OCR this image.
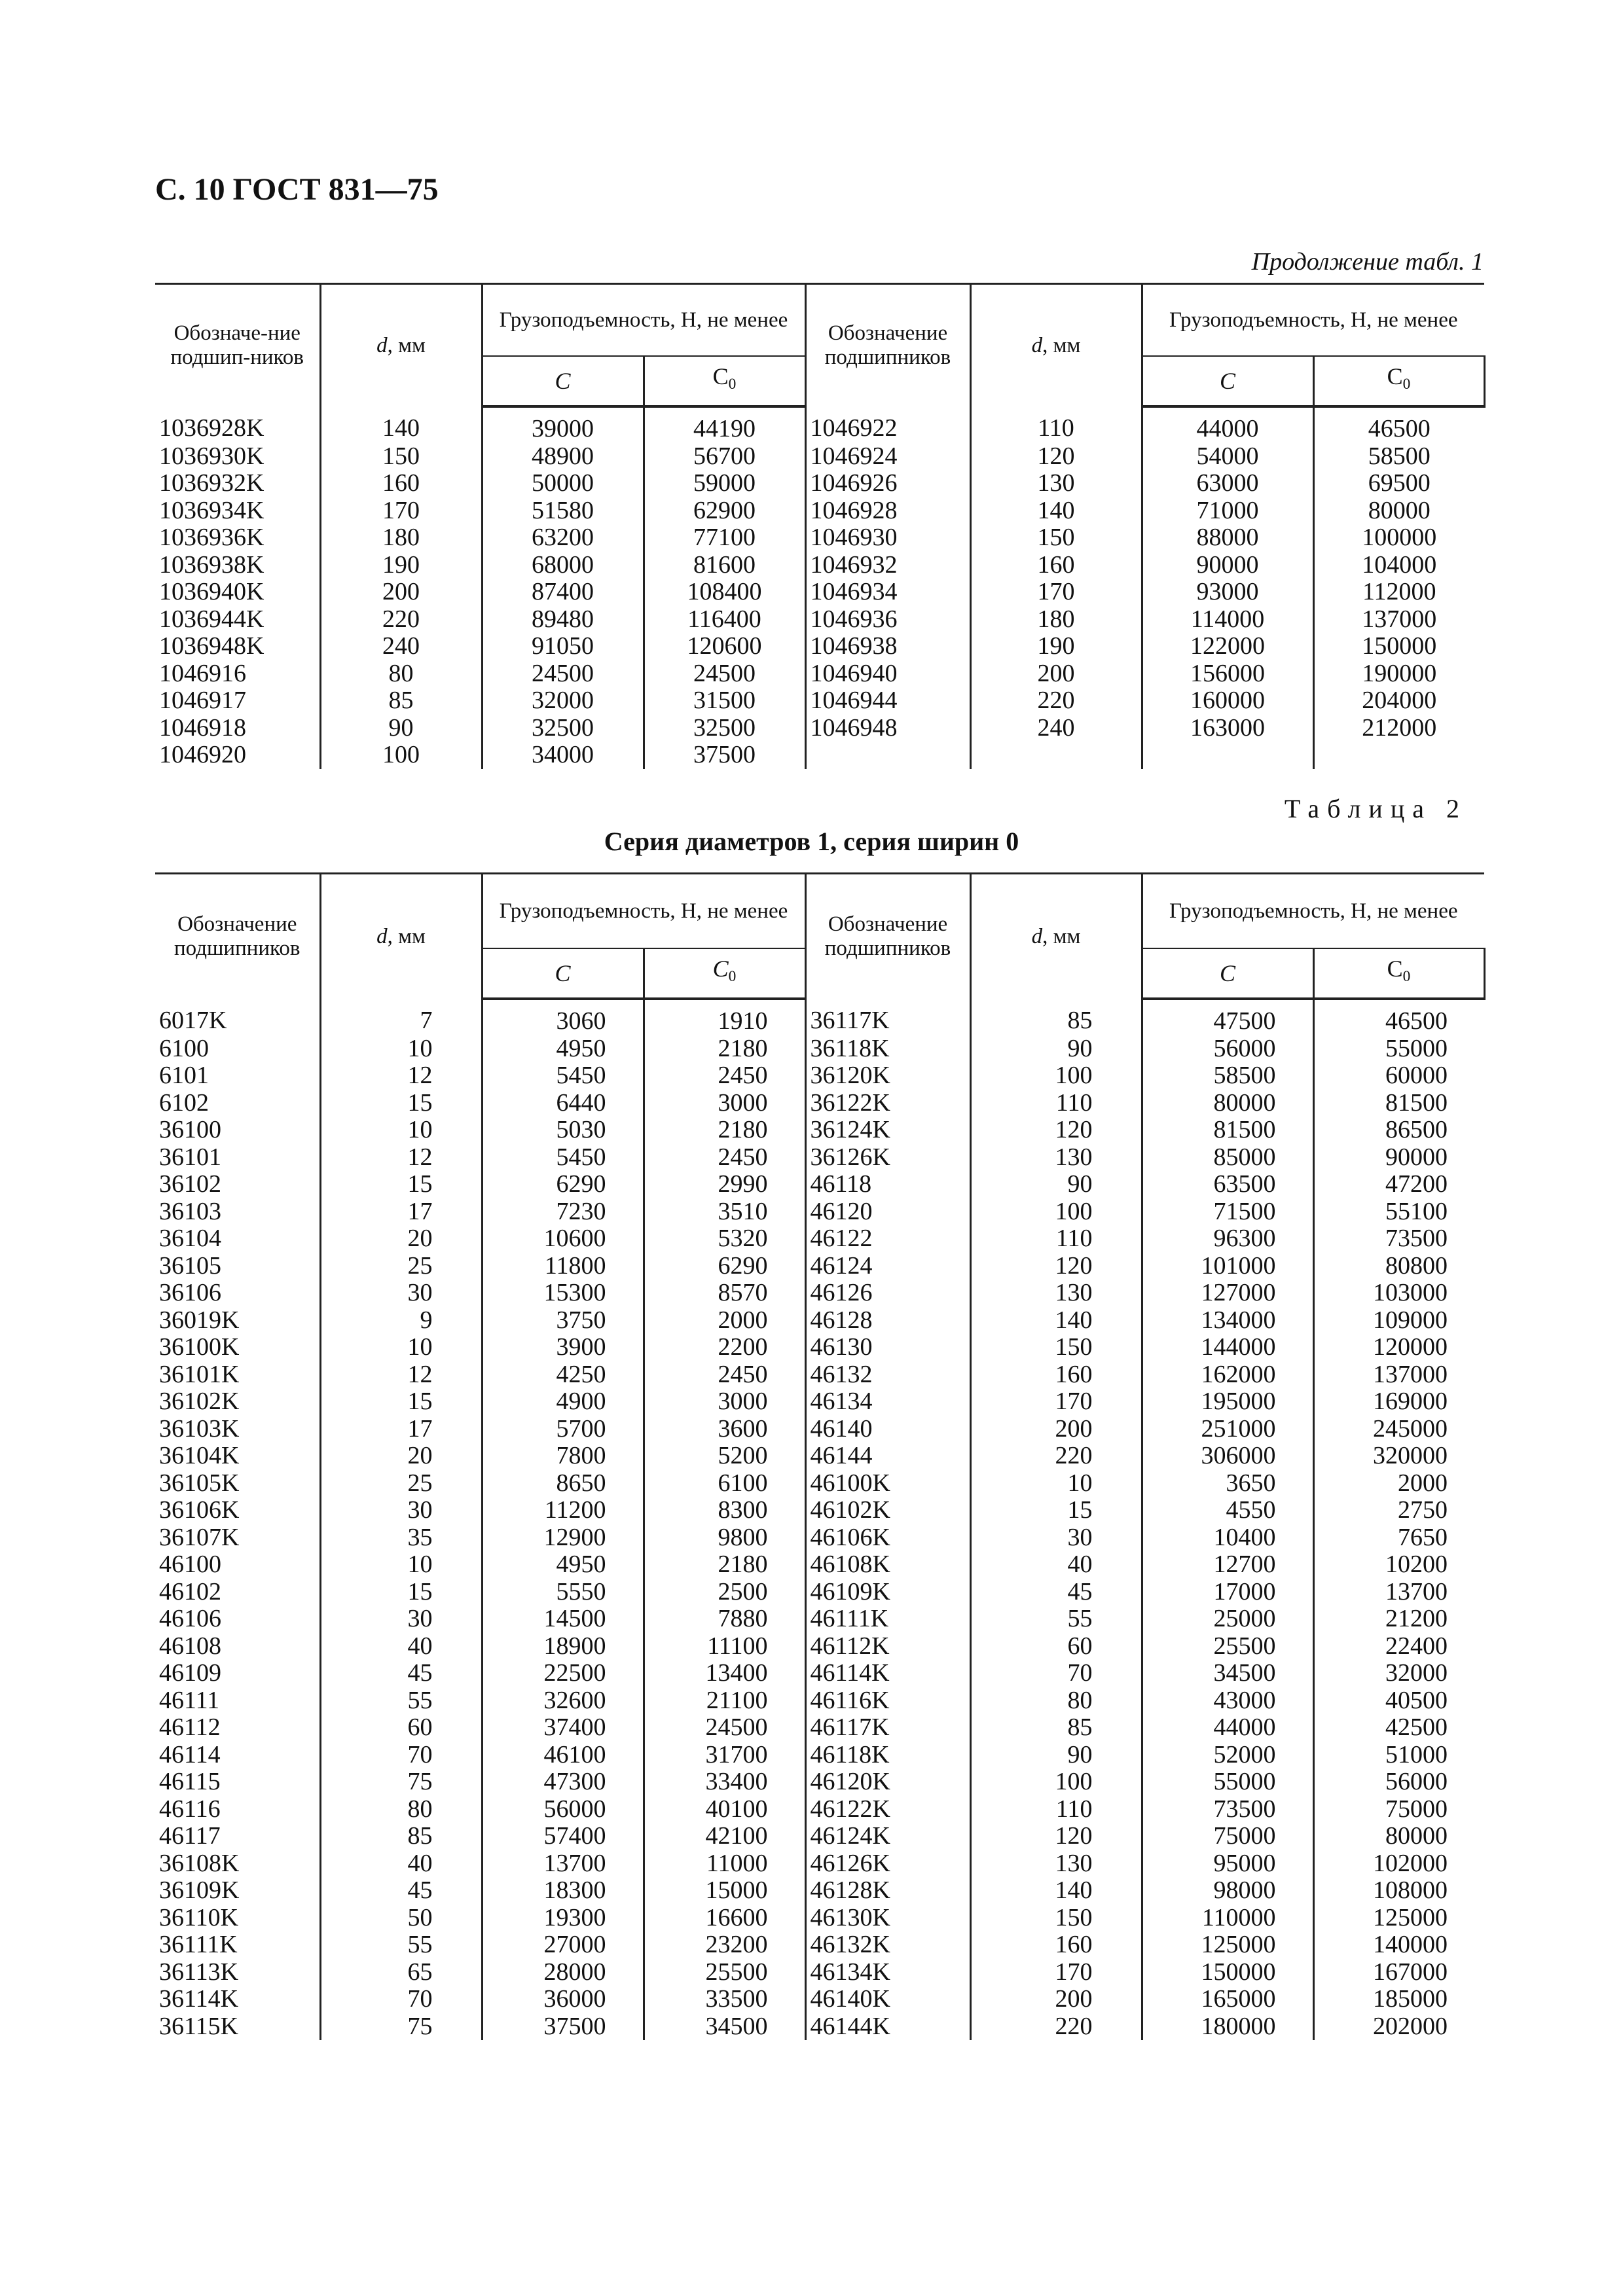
С. 10 ГОСТ 831—75
Продолжение табл. 1
Обозначе-ние подшип-ников	d, мм	Грузоподъемность, Н, не менее		Обозначение подшипников	d, мм	Грузоподъемность, Н, не менее	
		C	$C_0$			C	$C_0$
1036928K	140	39000	44190	1046922	110	44000	46500
1036930K	150	48900	56700	1046924	120	54000	58500
1036932K	160	50000	59000	1046926	130	63000	69500
1036934K	170	51580	62900	1046928	140	71000	80000
1036936K	180	63200	77100	1046930	150	88000	100000
1036938K	190	68000	81600	1046932	160	90000	104000
1036940K	200	87400	108400	1046934	170	93000	112000
1036944K	220	89480	116400	1046936	180	114000	137000
1036948K	240	91050	120600	1046938	190	122000	150000
1046916	80	24500	24500	1046940	200	156000	190000
1046917	85	32000	31500	1046944	220	160000	204000
1046918	90	32500	32500	1046948	240	163000	212000
1046920	100	34000	37500				
Таблица 2
Серия диаметров 1, серия ширин 0
Обозначение подшипников	d, мм	Грузоподъемность, Н, не менее		Обозначение подшипников	d, мм	Грузоподъемность, Н, не менее	
		C	$C_0$			C	$C_0$
6017K	7	3060	1910	36117K	85	47500	46500
6100	10	4950	2180	36118K	90	56000	55000
6101	12	5450	2450	36120K	100	58500	60000
6102	15	6440	3000	36122K	110	80000	81500
36100	10	5030	2180	36124K	120	81500	86500
36101	12	5450	2450	36126K	130	85000	90000
36102	15	6290	2990	46118	90	63500	47200
36103	17	7230	3510	46120	100	71500	55100
36104	20	10600	5320	46122	110	96300	73500
36105	25	11800	6290	46124	120	101000	80800
36106	30	15300	8570	46126	130	127000	103000
36019K	9	3750	2000	46128	140	134000	109000
36100K	10	3900	2200	46130	150	144000	120000
36101K	12	4250	2450	46132	160	162000	137000
36102K	15	4900	3000	46134	170	195000	169000
36103K	17	5700	3600	46140	200	251000	245000
36104K	20	7800	5200	46144	220	306000	320000
36105K	25	8650	6100	46100K	10	3650	2000
36106K	30	11200	8300	46102K	15	4550	2750
36107K	35	12900	9800	46106K	30	10400	7650
46100	10	4950	2180	46108K	40	12700	10200
46102	15	5550	2500	46109K	45	17000	13700
46106	30	14500	7880	46111K	55	25000	21200
46108	40	18900	11100	46112K	60	25500	22400
46109	45	22500	13400	46114K	70	34500	32000
46111	55	32600	21100	46116K	80	43000	40500
46112	60	37400	24500	46117K	85	44000	42500
46114	70	46100	31700	46118K	90	52000	51000
46115	75	47300	33400	46120K	100	55000	56000
46116	80	56000	40100	46122K	110	73500	75000
46117	85	57400	42100	46124K	120	75000	80000
36108K	40	13700	11000	46126K	130	95000	102000
36109K	45	18300	15000	46128K	140	98000	108000
36110K	50	19300	16600	46130K	150	110000	125000
36111K	55	27000	23200	46132K	160	125000	140000
36113K	65	28000	25500	46134K	170	150000	167000
36114K	70	36000	33500	46140K	200	165000	185000
36115K	75	37500	34500	46144K	220	180000	202000
